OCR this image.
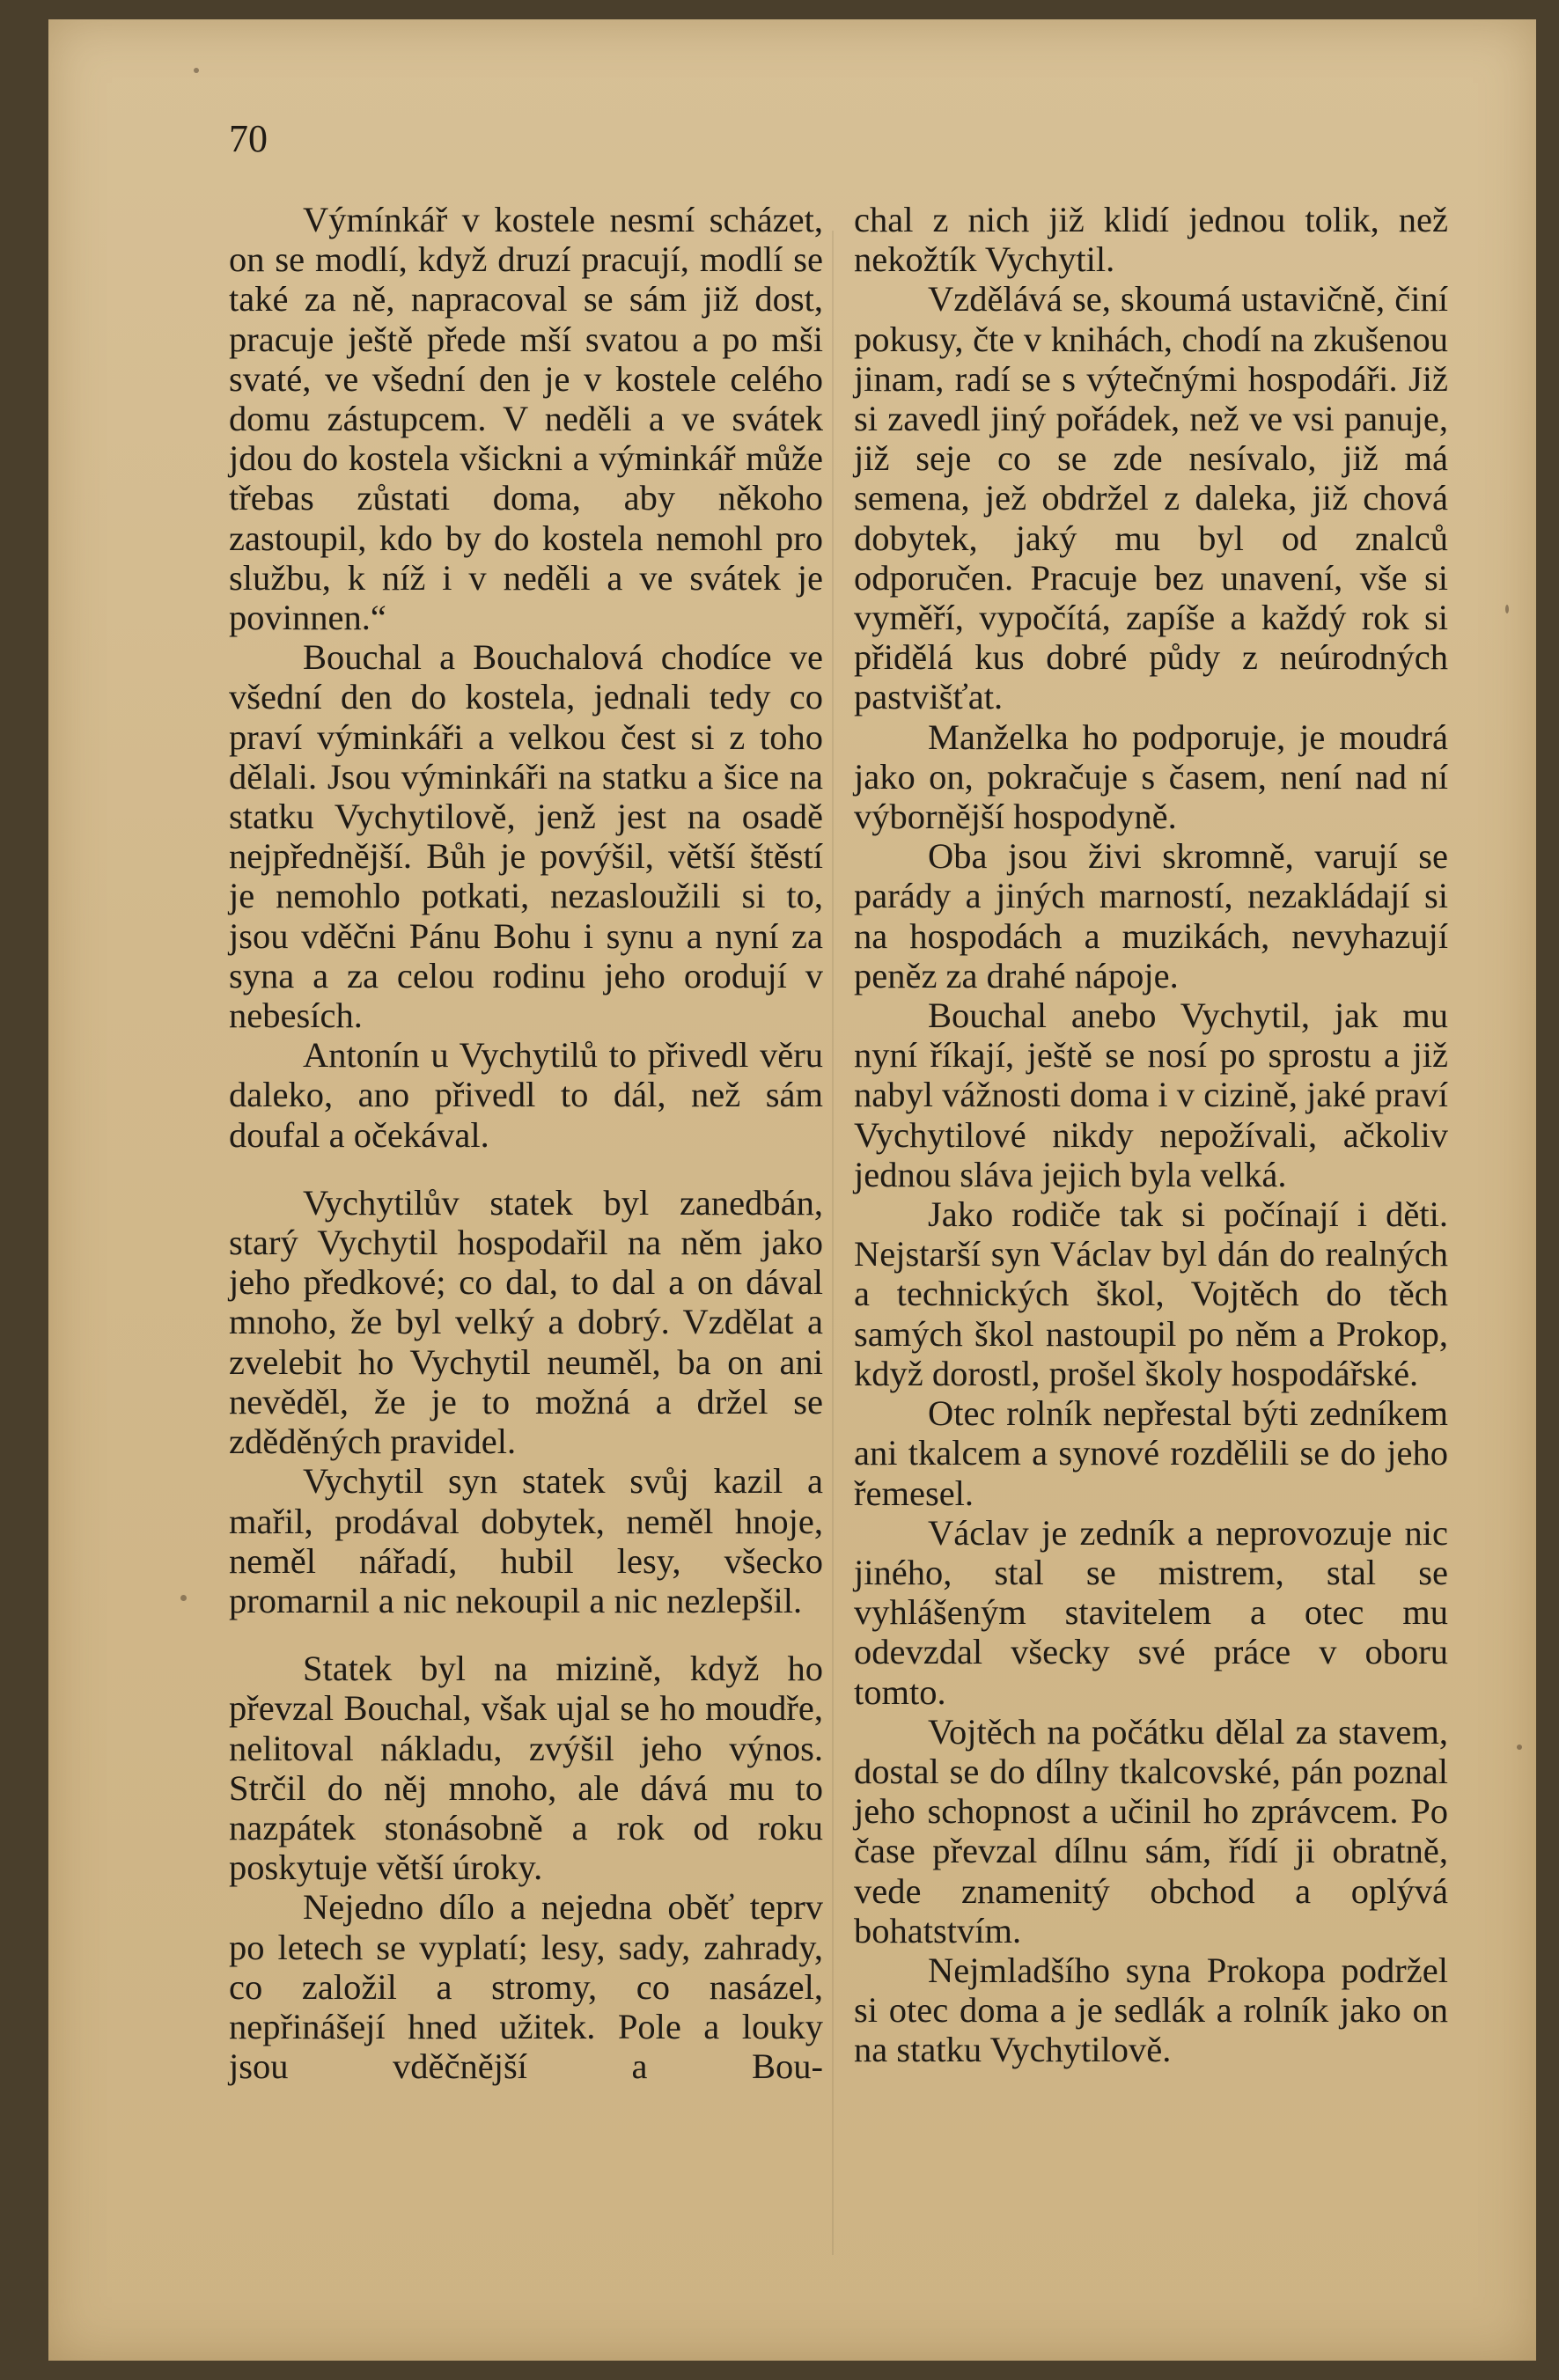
70

Výmínkář v kostele nesmí scházet, on se modlí, když druzí pracují, modlí se také za ně, napracoval se sám již dost, pracuje ještě přede mší svatou a po mši svaté, ve všední den je v kostele celého domu zástupcem. V neděli a ve svátek jdou do kostela všickni a výminkář může třebas zůstati doma, aby někoho zastoupil, kdo by do kostela nemohl pro službu, k níž i v neděli a ve svátek je povinnen.“

Bouchal a Bouchalová chodíce ve všední den do kostela, jednali tedy co praví výminkáři a velkou čest si z toho dělali. Jsou výminkáři na statku a šice na statku Vychytilově, jenž jest na osadě nejpřednější. Bůh je povýšil, větší štěstí je nemohlo potkati, nezasloužili si to, jsou vděčni Pánu Bohu i synu a nyní za syna a za celou rodinu jeho orodují v nebesích.

Antonín u Vychytilů to přivedl věru daleko, ano přivedl to dál, než sám doufal a očekával.

Vychytilův statek byl zanedbán, starý Vychytil hospodařil na něm jako jeho předkové; co dal, to dal a on dával mnoho, že byl velký a dobrý. Vzdělat a zvelebit ho Vychytil neuměl, ba on ani nevěděl, že je to možná a držel se zděděných pravidel.

Vychytil syn statek svůj kazil a mařil, prodával dobytek, neměl hnoje, neměl nářadí, hubil lesy, všecko promarnil a nic nekoupil a nic nezlepšil.

Statek byl na mizině, když ho převzal Bouchal, však ujal se ho moudře, nelitoval nákladu, zvýšil jeho výnos. Strčil do něj mnoho, ale dává mu to nazpátek stonásobně a rok od roku poskytuje větší úroky.

Nejedno dílo a nejedna oběť teprv po letech se vyplatí; lesy, sady, zahrady, co založil a stromy, co nasázel, nepřinášejí hned užitek. Pole a louky jsou vděčnější a Bou-

chal z nich již klidí jednou tolik, než nekožtík Vychytil.

Vzdělává se, skoumá ustavičně, činí pokusy, čte v knihách, chodí na zkušenou jinam, radí se s výtečnými hospodáři. Již si zavedl jiný pořádek, než ve vsi panuje, již seje co se zde nesívalo, již má semena, jež obdržel z daleka, již chová dobytek, jaký mu byl od znalců odporučen. Pracuje bez unavení, vše si vyměří, vypočítá, zapíše a každý rok si přidělá kus dobré půdy z neúrodných pastvišťat.

Manželka ho podporuje, je moudrá jako on, pokračuje s časem, není nad ní výbornější hospodyně.

Oba jsou živi skromně, varují se parády a jiných marností, nezakládají si na hospodách a muzikách, nevyhazují peněz za drahé nápoje.

Bouchal anebo Vychytil, jak mu nyní říkají, ještě se nosí po sprostu a již nabyl vážnosti doma i v cizině, jaké praví Vychytilové nikdy nepožívali, ačkoliv jednou sláva jejich byla velká.

Jako rodiče tak si počínají i děti. Nejstarší syn Václav byl dán do realných a technických škol, Vojtěch do těch samých škol nastoupil po něm a Prokop, když dorostl, prošel školy hospodářské.

Otec rolník nepřestal býti zedníkem ani tkalcem a synové rozdělili se do jeho řemesel.

Václav je zedník a neprovozuje nic jiného, stal se mistrem, stal se vyhlášeným stavitelem a otec mu odevzdal všecky své práce v oboru tomto.

Vojtěch na počátku dělal za stavem, dostal se do dílny tkalcovské, pán poznal jeho schopnost a učinil ho zprávcem. Po čase převzal dílnu sám, řídí ji obratně, vede znamenitý obchod a oplývá bohatstvím.

Nejmladšího syna Prokopa podržel si otec doma a je sedlák a rolník jako on na statku Vychytilově.
